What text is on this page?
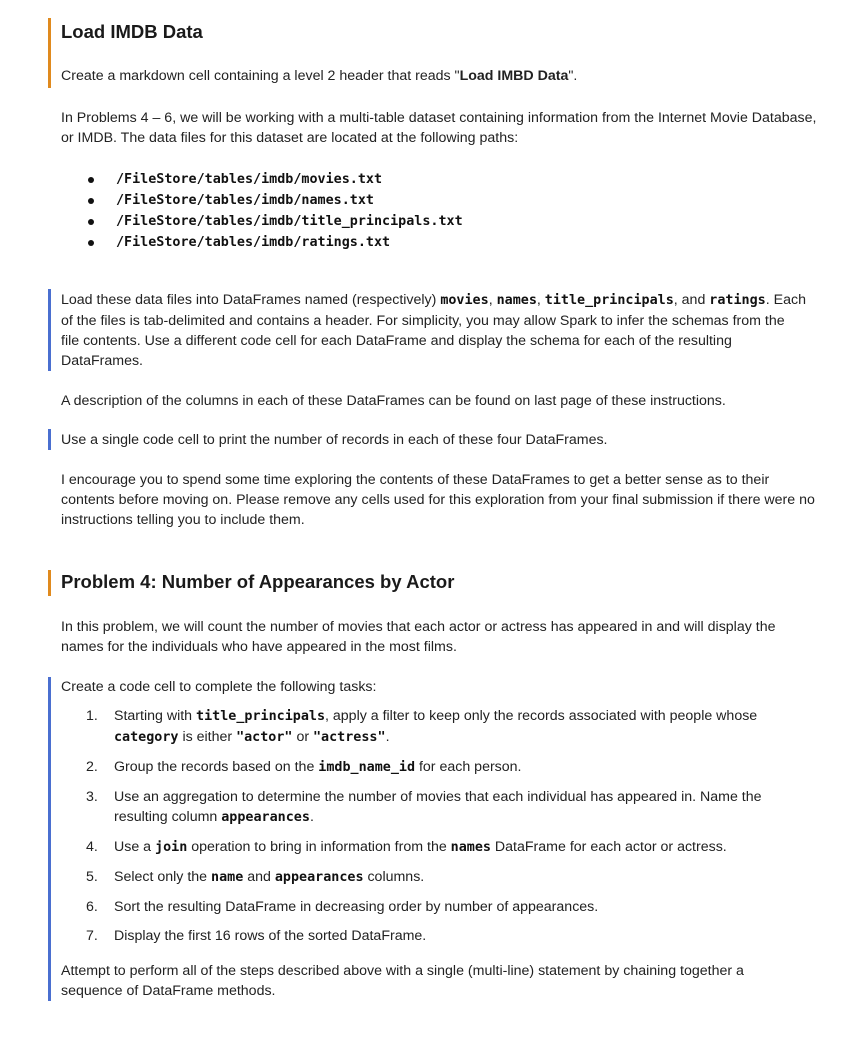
Load IMDB Data
Create a markdown cell containing a level 2 header that reads "Load IMBD Data".
In Problems 4 – 6, we will be working with a multi-table dataset containing information from the Internet Movie Database, or IMDB. The data files for this dataset are located at the following paths:
/FileStore/tables/imdb/movies.txt
/FileStore/tables/imdb/names.txt
/FileStore/tables/imdb/title_principals.txt
/FileStore/tables/imdb/ratings.txt
Load these data files into DataFrames named (respectively) movies, names, title_principals, and ratings. Each of the files is tab-delimited and contains a header. For simplicity, you may allow Spark to infer the schemas from the file contents. Use a different code cell for each DataFrame and display the schema for each of the resulting DataFrames.
A description of the columns in each of these DataFrames can be found on last page of these instructions.
Use a single code cell to print the number of records in each of these four DataFrames.
I encourage you to spend some time exploring the contents of these DataFrames to get a better sense as to their contents before moving on. Please remove any cells used for this exploration from your final submission if there were no instructions telling you to include them.
Problem 4: Number of Appearances by Actor
In this problem, we will count the number of movies that each actor or actress has appeared in and will display the names for the individuals who have appeared in the most films.
Create a code cell to complete the following tasks:
1. Starting with title_principals, apply a filter to keep only the records associated with people whose category is either "actor" or "actress".
2. Group the records based on the imdb_name_id for each person.
3. Use an aggregation to determine the number of movies that each individual has appeared in. Name the resulting column appearances.
4. Use a join operation to bring in information from the names DataFrame for each actor or actress.
5. Select only the name and appearances columns.
6. Sort the resulting DataFrame in decreasing order by number of appearances.
7. Display the first 16 rows of the sorted DataFrame.
Attempt to perform all of the steps described above with a single (multi-line) statement by chaining together a sequence of DataFrame methods.
